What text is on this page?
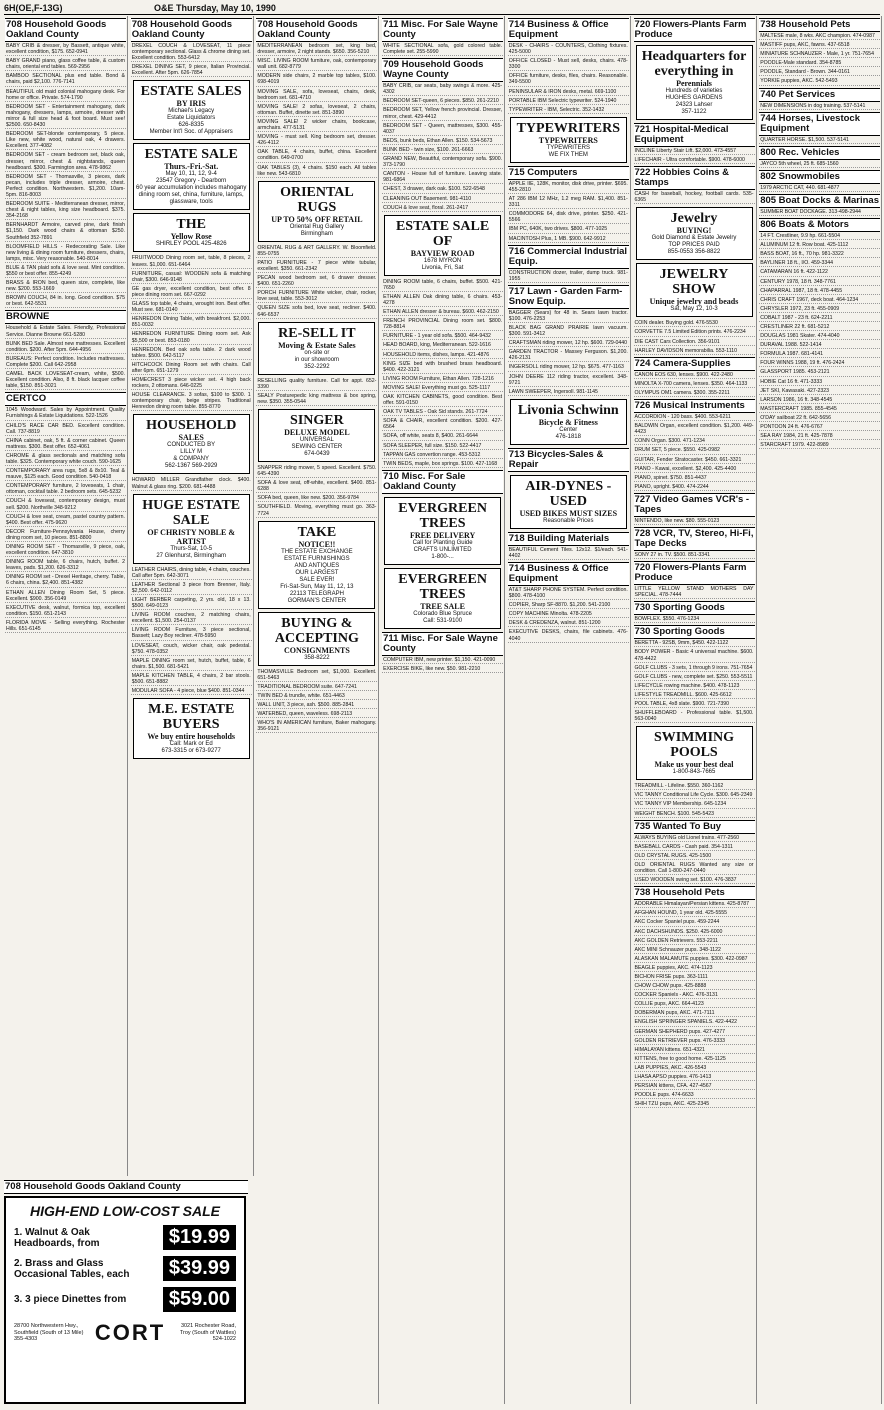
6H(OE,F-13G)	O&E Thursday, May 10, 1990
708 Household Goods Oakland County
BABY CRIB & dresser, by Bassett, antique white, excellent condition, $175. 652-0941
BABY GRAND piano, glass coffee table, & custom chairs, oriental end tables. 569-2956
BAMBOO SECTIONAL plus end table. Bond & chairs, paid $2,100. 776-7141
BEAUTIFUL old maid colonial mahogany desk. For home or office. Private. 574-1790
BEDROOM SET - Entertainment mahogany, dark mahogany, dressers, lamps, armoire, dresser with mirror & full size head & foot board. Must see! $2500. 650-8430
BEDROOM SET-blonde contemporary, 5 piece. Like new, white wood, natural oak, 4 drawers. Excellent. 377-4082
BEDROOM SET - cream bedroom set, black oak, dresser, mirror, chest & nightstands, queen headboard. $300. Farmington area. 478-9862
BEDROOM SET - Thomasville, 3 pieces, dark pecan, includes triple dresser, armoire, chest. Perfect condition. Northwestern. $1,200. 10am-5pm. 816-8003
BEDROOM SUITE - Mediterranean dresser, mirror, chest & night tables, king size headboard. $375. 354-2168
BERNHARDT Armoire, carved pine, dark finish $1,150. Dark wood chairs & ottoman $250. Southfield 352-7891
BLOOMFIELD HILLS - Redecorating Sale. Like new living & dining room furniture, dressers, chairs, lamps, misc. Very reasonable. 540-8014
BLUE & TAN plaid sofa & love seat. Mint condition. $550 or best offer. 855-4249
BRASS & IRON bed, queen size, complete, like new. $200. 553-1669
BROWN COUCH, 84 in. long. Good condition. $75 or best. 642-5531
BROWNE
Household & Estate Sales. Friendly, Professional Service. Dianne Browne 661-5280
BUNK BED Sale. Almost new mattresses. Excellent condition. $200. After 5pm. 644-4956
BUREAUS: Perfect condition. Includes mattresses. Complete $200. Call 642-2958
CAMEL BACK LOVESEAT-cream, white, $500. Excellent condition. Also, 8 ft. black lacquer coffee table, $150. 851-3021
CERTCO
1045 Woodward. Sales by Appointment. Quality Furnishings & Estate Liquidations. 522-1526
CHILD'S RACE CAR BED. Excellent condition. Call. 737-8819
CHINA cabinet, oak, 5 ft. & corner cabinet. Queen mattress. $300. Best offer. 652-4061
CHROME & glass sectionals and matching sofa table. $325. Contemporary white couch. 590-1625
CONTEMPORARY area rugs, 5x8 & 8x10. Teal & mauve, $125 each. Good condition. 540-0418
CONTEMPORARY furniture, 2 loveseats, 1 chair, ottoman, cocktail table. 2 bedroom sets. 645-5232
COUCH & loveseat, contemporary design, must sell. $200. Northville 348-9212
COUCH & love seat, cream, pastel country pattern. $400. Best offer. 475-9620
DECOR Furniture-Pennsylvania House, cherry dining room set, 10 pieces. 851-8800
DINING ROOM SET - Thomasville, 9 piece, oak, excellent condition. 647-3810
DINING ROOM table, 6 chairs, hutch, buffet. 2 leaves, pads. $1,200. 626-3312
DINING ROOM set - Drexel Heritage, cherry. Table, 6 chairs, china. $2,400. 851-4382
ETHAN ALLEN Dining Room Set, 5 piece. Excellent. $900. 356-0149
EXECUTIVE desk, walnut, formica top, excellent condition. $150. 651-2143
FLORIDA MOVE - Selling everything. Rochester Hills. 651-6145
708 Household Goods Oakland County
DREXEL COUCH & LOVESEAT, 11 piece contemporary sectional. Glass & chrome dining set. Excellent condition. 553-6412
DREXEL DINING SET, 9 piece, Italian Provincial. Excellent. After 5pm. 626-7854
ESTATE SALES
BY IRIS
Michael's Legacy
Estate Liquidators
626-8335
Member Int'l Soc. of Appraisers
ESTATE SALE
Thurs.-Fri.-Sat.
May 10, 11, 12, 9-4
23547 Gregory - Dearborn
60 year accumulation includes mahogany dining room set, china, furniture, lamps, glassware, tools
THE
Yellow Rose
SHIRLEY POOL 425-4826
FRUITWOOD Dining room set, table, 8 pieces, 2 leaves. $1,000. 651-6464
FURNITURE, casual: WOODEN sofa & matching chair, $300. 646-9148
GE gas dryer, excellent condition, best offer. 8 piece dining room set. 667-0292
GLASS top table, 4 chairs, wrought iron. Best offer. Must see. 681-0140
HENREDON Dining Table, with breakfront. $2,000. 851-0032
HENREDON FURNITURE Dining room set. Ask $5,500 or best. 853-0180
HENREDON. Bed oak sofa table. 2 dark wood tables. $500. 642-5117
HITCHCOCK Dining Room set with chairs. Call after 6pm. 651-1279
HOMECREST 3 piece wicker set. 4 high back rockers, 2 ottomans. 646-0225
HOUSE CLEARANCE. 3 sofas, $100 to $300. 1 contemporary chair, beige stripes. Traditional Henredon dining room table. 855-8770
HOUSEHOLD
SALES
CONDUCTED BY
LILLY M
& COMPANY
562-1367 569-2929
HOWARD MILLER Grandfather clock. $400. Walnut & glass ring. $200. 681-4488
HUGE ESTATE SALE
OF CHRISTY NOBLE & ARTIST
Thurs-Sat, 10-5
27 Glenhurst, Birmingham
LEATHER CHAIRS, dining table, 4 chairs, couches. Call after 5pm. 642-3071
LEATHER Sectional 3 piece from Brenner, Italy. $2,500. 642-0112
LIGHT BERBER carpeting, 2 yrs. old, 18 x 13. $500. 649-0123
LIVING ROOM couches, 2 matching chairs, excellent. $1,500. 254-0137
LIVING ROOM Furniture, 3 piece sectional, Bassett; Lazy Boy recliner. 478-5950
LOVESEAT, couch, wicker chair, oak pedestal. $750. 478-0352
MAPLE DINING room set, hutch, buffet, table, 6 chairs. $1,500. 681-5421
MAPLE KITCHEN TABLE, 4 chairs, 2 bar stools. $500. 651-8882
MODULAR SOFA - 4 piece, blue $400. 851-0344
M.E. ESTATE BUYERS
We buy entire households
Call: Mark or Ed
673-3315 or 673-9277
708 Household Goods Oakland County
MEDITERRANEAN bedroom set, king bed, dresser, armoire, 2 night stands. $650. 356-5210
MISC. LIVING ROOM furniture, oak, contemporary wall unit. 682-8779
MODERN side chairs, 2 marble top tables, $100. 698-4019
MOVING SALE, sofa, loveseat, chairs, desk, bedroom set. 681-4710
MOVING SALE! 2 sofas, loveseat, 2 chairs, ottoman. Buffet, dinette set. 851-3890
MOVING SALE! 2 wicker chairs, bookcase, armchairs. 477-5131
MOVING - must sell. King bedroom set, dresser. 426-4112
OAK TABLE, 4 chairs, buffet, china. Excellent condition. 649-0700
OAK TABLES (3), 4 chairs. $150 each. All tables like new. 543-6810
ORIENTAL RUGS
UP TO 50% OFF RETAIL
Oriental Rug Gallery
Birmingham
ORIENTAL RUG & ART GALLERY. W. Bloomfield. 855-0755
PATIO FURNITURE - 7 piece white tubular, excellent. $350. 661-2342
PECAN wood bedroom set, 6 drawer dresser. $400. 651-2260
PORCH FURNITURE White wicker, chair, rocker, love seat, table. 553-3012
QUEEN SIZE sofa bed, love seat, recliner. $400. 646-6537
RE-SELL IT
Moving & Estate Sales
on-site or
in our showroom
352-2292
RESELLING quality furniture. Call for appt. 652-3390
SEALY Posturepedic king mattress & box spring, new. $350. 355-0544
SINGER
DELUXE MODEL
UNIVERSAL
SEWING CENTER
674-0439
SNAPPER riding mower, 5 speed. Excellent. $750. 645-4390
SOFA & love seat, off-white, excellent. $400. 851-6288
SOFA bed, queen, like new. $200. 356-9784
SOUTHFIELD. Moving, everything must go. 363-7724
TAKE
NOTICE!!
THE ESTATE EXCHANGE
ESTATE FURNISHINGS
AND ANTIQUES
OUR LARGEST
SALE EVER!
Fri-Sat-Sun, May 11, 12, 13
22113 TELEGRAPH
GORMAN'S CENTER
BUYING & ACCEPTING
CONSIGNMENTS
358-8222
THOMASVILLE Bedroom set, $1,000. Excellent. 651-5463
TRADITIONAL BEDROOM suite. 647-7241
TWIN BED & trundle, white. 651-4463
WALL UNIT, 3 piece, ash. $500. 885-2841
WATERBED, queen, waveless. 698-2113
WHO'S IN AMERICAN furniture, Baker mahogany. 356-9121
711 Misc. For Sale Wayne County
WHITE SECTIONAL sofa, gold colored table. Complete set. 255-5990
709 Household Goods Wayne County
BABY CRIB, car seats, baby swings & more. 425-4302
BEDROOM SET-queen, 6 pieces. $850. 261-2210
BEDROOM SET, Yellow french provincial. Dresser, mirror, chest. 429-4412
BEDROOM SET - Queen, mattresses, $300. 455-4037
BEDS, bunk beds, Ethan Allen. $150. 534-5673
BUNK BED - twin size, $100. 261-6663
GRAND NEW, Beautiful, contemporary sofa. $900. 373-1790
CANTON - House full of furniture. Leaving state. 981-6864
CHEST, 3 drawer, dark oak. $100. 522-6548
CLEANING OUT Basement. 981-4110
COUCH & love seat, floral. 261-2417
ESTATE SALE OF
BAYVIEW ROAD
1678 MYRON
Livonia, Fri, Sat
DINING ROOM table, 6 chairs, buffet. $500. 421-7650
ETHAN ALLEN Oak dining table, 6 chairs. 453-4278
ETHAN ALLEN dresser & bureau. $600. 462-2150
FRENCH PROVINCIAL Dining room set. $800. 728-8814
FURNITURE - 1 year old sofa. $500. 464-9432
HEAD BOARD, king, Mediterranean. 522-1616
HOUSEHOLD items, dishes, lamps. 421-4876
KING SIZE bed with brushed brass headboard. $400. 422-3121
LIVING ROOM Furniture, Ethan Allen. 728-1216
MOVING SALE! Everything must go. 525-1117
OAK KITCHEN CABINETS, good condition. Best offer. 591-0150
OAK TV TABLES - Oak Sid stands. 261-7724
SOFA & CHAIR, excellent condition. $200. 427-6564
SOFA, off white, seats 8, $400. 261-6644
SOFA SLEEPER, full size. $150. 522-4417
TAPPAN GAS convertion range. 453-5312
TWIN BEDS, maple, box springs. $100. 427-1168
710 Misc. For Sale Oakland County
EVERGREEN TREES
FREE DELIVERY
Call for Planting Guide
CRAFTS UNLIMITED
1-800-...
EVERGREEN TREES
TREE SALE
Colorado Blue Spruce
Call: 531-9100
711 Misc. For Sale Wayne County
COMPUTER IBM, new printer. $1,150. 421-0090
EXERCISE BIKE, like new. $50. 981-2210
714 Business & Office Equipment
DESK - CHAIRS - COUNTERS, Clothing fixtures. 425-5000
OFFICE CLOSED - Must sell, desks, chairs. 478-3300
OFFICE furniture, desks, files, chairs. Reasonable. 349-5500
PENINSULAR & IRON desks, metal. 669-1100
PORTABLE IBM Selectric typewriter. 524-1940
TYPEWRITER - IBM, Selectric. 352-1432
TYPEWRITERS
TYPEWRITERS
TYPEWRITERS
WE FIX THEM
715 Computers
APPLE IIE, 128K, monitor, disk drive, printer. $695. 455-2810
AT 286 IBM 12 MHz, 1.2 meg RAM. $1,400. 851-3311
COMMODORE 64, disk drive, printer. $250. 421-5566
IBM PC, 640K, two drives. $800. 477-1025
MACINTOSH Plus, 1 MB. $900. 642-9912
716 Commercial Industrial Equip.
CONSTRUCTION dozer, trailer, dump truck. 981-1955
717 Lawn - Garden Farm-Snow Equip.
BAGGER (Sears) for 48 in. Sears lawn tractor. $100. 476-2253
BLACK BAG GRAND PRAIRIE lawn vacuum. $300. 591-3412
CRAFTSMAN riding mower, 12 hp. $600. 729-0440
GARDEN TRACTOR - Massey Ferguson. $1,200. 426-2131
INGERSOLL riding mower, 12 hp. $675. 477-1163
JOHN DEERE 112 riding tractor, excellent. 348-9721
LAWN SWEEPER, Ingersoll. 981-1145
Livonia Schwinn
Bicycle & Fitness
Center
476-1818
713 Bicycles-Sales & Repair
AIR-DYNES - USED
USED BIKES MUST SIZES
Reasonable Prices
718 Building Materials
BEAUTIFUL Cement Tiles. 12x12. $1/each. 541-4402
714 Business & Office Equipment
AT&T SHARP PHONE SYSTEM. Perfect condition. $800. 478-4100
COPIER, Sharp SF-8870. $1,200. 541-2100
COPY MACHINE Minolta. 478-2205
DESK & CREDENZA, walnut. 851-1200
EXECUTIVE DESKS, chairs, file cabinets. 476-4040
720 Flowers-Plants Farm Produce
Headquarters for everything in
Perennials
Hundreds of varieties
HUGHES GARDENS
24323 Lahser
357-1122
721 Hospital-Medical Equipment
INCLINE Liberty Stair Lift. $2,000. 473-4557
LIFECHAIR - Ultra comfortable. $900. 478-6000
722 Hobbies Coins & Stamps
CASH for baseball, hockey, football cards. 535-6365
Jewelry
BUYING!
Gold Diamond & Estate Jewelry
TOP PRICES PAID
855-0553 356-8822
JEWELRY SHOW
Unique jewelry and beads
Sat, May 12, 10-3
COIN dealer. Buying gold. 476-5530
CORVETTE 7.5 Limited Edition prints. 476-2234
DIE CAST Cars Collection. 356-9101
HARLEY DAVIDSON memorabilia. 553-1110
724 Camera-Supplies
CANON EOS 630, lenses. $900. 422-2480
MINOLTA X-700 camera, lenses. $350. 464-1133
OLYMPUS OM1 camera. $300. 355-2211
726 Musical Instruments
ACCORDION - 120 bass. $400. 553-6211
BALDWIN Organ, excellent condition. $1,200. 449-4423
CONN Organ. $300. 471-1234
DRUM SET, 5 piece. $550. 425-0982
GUITAR, Fender Stratocaster. $450. 661-3321
PIANO - Kawai, excellent. $2,400. 425-4400
PIANO, spinet. $750. 851-4437
PIANO, upright. $400. 474-2244
727 Video Games VCR's - Tapes
NINTENDO, like new. $80. 555-0123
728 VCR, TV, Stereo, Hi-Fi, Tape Decks
SONY 27 in. TV. $500. 851-3341
720 Flowers-Plants Farm Produce
LITTLE YELLOW STAND MOTHERS DAY SPECIAL. 478-7444
730 Sporting Goods
BOWFLEX. $550. 476-1234
730 Sporting Goods
BERETTA - 92SB, 9mm, $450. 422-1122
BODY POWER - Basic 4 universal machine. $600. 478-4422
GOLF CLUBS - 3 sets, 1 through 9 irons. 751-7654
GOLF CLUBS - new, complete set. $250. 553-5511
LIFECYCLE rowing machine. $400. 478-1123
LIFESTYLE TREADMILL. $600. 425-6612
POOL TABLE, 4x8 slate. $900. 721-7390
SHUFFLEBOARD - Professional table. $1,500. 563-0040
SWIMMING POOLS
Make us your best deal
1-800-843-7665
TREADMILL - Lifeline. $550. 360-1162
VIC TANNY Conditional Life Cycle. $300. 645-2349
VIC TANNY VIP Membership. 645-1234
WEIGHT BENCH. $100. 545-5423
735 Wanted To Buy
ALWAYS BUYING old Lionel trains. 477-2560
BASEBALL CARDS - Cash paid. 354-1311
OLD CRYSTAL RUGS. 425-1500
OLD ORIENTAL RUGS Wanted any size or condition. Call 1-800-247-0440
USED WOODEN swing set. $100. 476-3837
738 Household Pets
ADORABLE Himalayan/Persian kittens. 425-8787
AFGHAN HOUND, 1 year old. 425-5555
AKC Cocker Spaniel pups. 459-2244
AKC DACHSHUNDS. $250. 425-6000
AKC GOLDEN Retrievers. 553-2211
AKC MINI Schnauzer pups. 348-1122
ALASKAN MALAMUTE puppies. $300. 422-0987
BEAGLE puppies, AKC. 474-1123
BICHON FRISE pups. 363-1111
CHOW CHOW pups. 425-8888
COCKER Spaniels - AKC. 476-3131
COLLIE pups, AKC. 664-4123
DOBERMAN pups, AKC. 471-7111
ENGLISH SPRINGER SPANIELS. 422-4422
GERMAN SHEPHERD pups. 427-4277
GOLDEN RETRIEVER pups. 476-3333
HIMALAYAN kittens. 651-4321
KITTENS, free to good home. 425-1125
LAB PUPPIES, AKC. 426-5543
LHASA APSO puppies. 476-1413
PERSIAN kittens, CFA. 427-4567
POODLE pups. 474-6633
SHIH TZU pups, AKC. 425-2345
738 Household Pets
MALTESE male, 8 wks. AKC champion. 474-0987
MASTIFF pups, AKC, fawns. 437-6518
MINIATURE SCHNAUZER - Male, 1 yr. 751-7654
POODLE-Male standard. 354-8785
POODLE, Standard - Brown. 344-0161
YORKIE puppies, AKC. 542-5493
740 Pet Services
NEW DIMENSIONS in dog training. 537-5141
744 Horses, Livestock Equipment
QUARTER HORSE. $1,500. 537-5141
800 Rec. Vehicles
JAYCO 5th wheel, 25 ft. 685-1560
802 Snowmobiles
1979 ARCTIC CAT, 440. 681-4877
805 Boat Docks & Marinas
SUMMER BOAT DOCKAGE. 313-498-2944
806 Boats & Motors
14 FT. Crestliner, 9.9 hp. 661-5504
ALUMINUM 12 ft. Row boat. 425-1112
BASS BOAT, 16 ft., 70 hp. 981-3322
BAYLINER 18 ft., I/O. 459-3344
CATAMARAN 16 ft. 422-1122
CENTURY 1978, 18 ft. 348-7761
CHAPARRAL 1987, 18 ft. 478-4455
CHRIS CRAFT 1967, deck boat. 464-1234
CHRYSLER 1972, 23 ft. 455-0909
COBALT 1987 - 23 ft. 624-2211
CRESTLINER 22 ft. 681-5212
DOUGLAS 1981 Skater. 474-4040
DURAVAL 1988. 522-1414
FORMULA 1987. 681-4141
FOUR WINNS 1988, 19 ft. 476-2424
GLASSPORT 1985. 453-2121
HOBIE Cat 16 ft. 471-3333
JET SKI, Kawasaki. 427-2323
LARSON 1986, 16 ft. 348-4545
MASTERCRAFT 1985. 855-4545
O'DAY sailboat 22 ft. 642-5656
PONTOON 24 ft. 476-6767
SEA RAY 1984, 21 ft. 425-7878
STARCRAFT 1979. 422-8989
HIGH-END LOW-COST SALE
1. Walnut & Oak Headboards, from	$19.99
2. Brass and Glass Occasional Tables, each	$39.99
3. 3 piece Dinettes from	$59.00
28700 Northwestern Hwy., Southfield (South of 13 Mile) 355-4303	CORT	3021 Rochester Road, Troy (South of Wattles) 524-1022
708 Household Goods Oakland County
